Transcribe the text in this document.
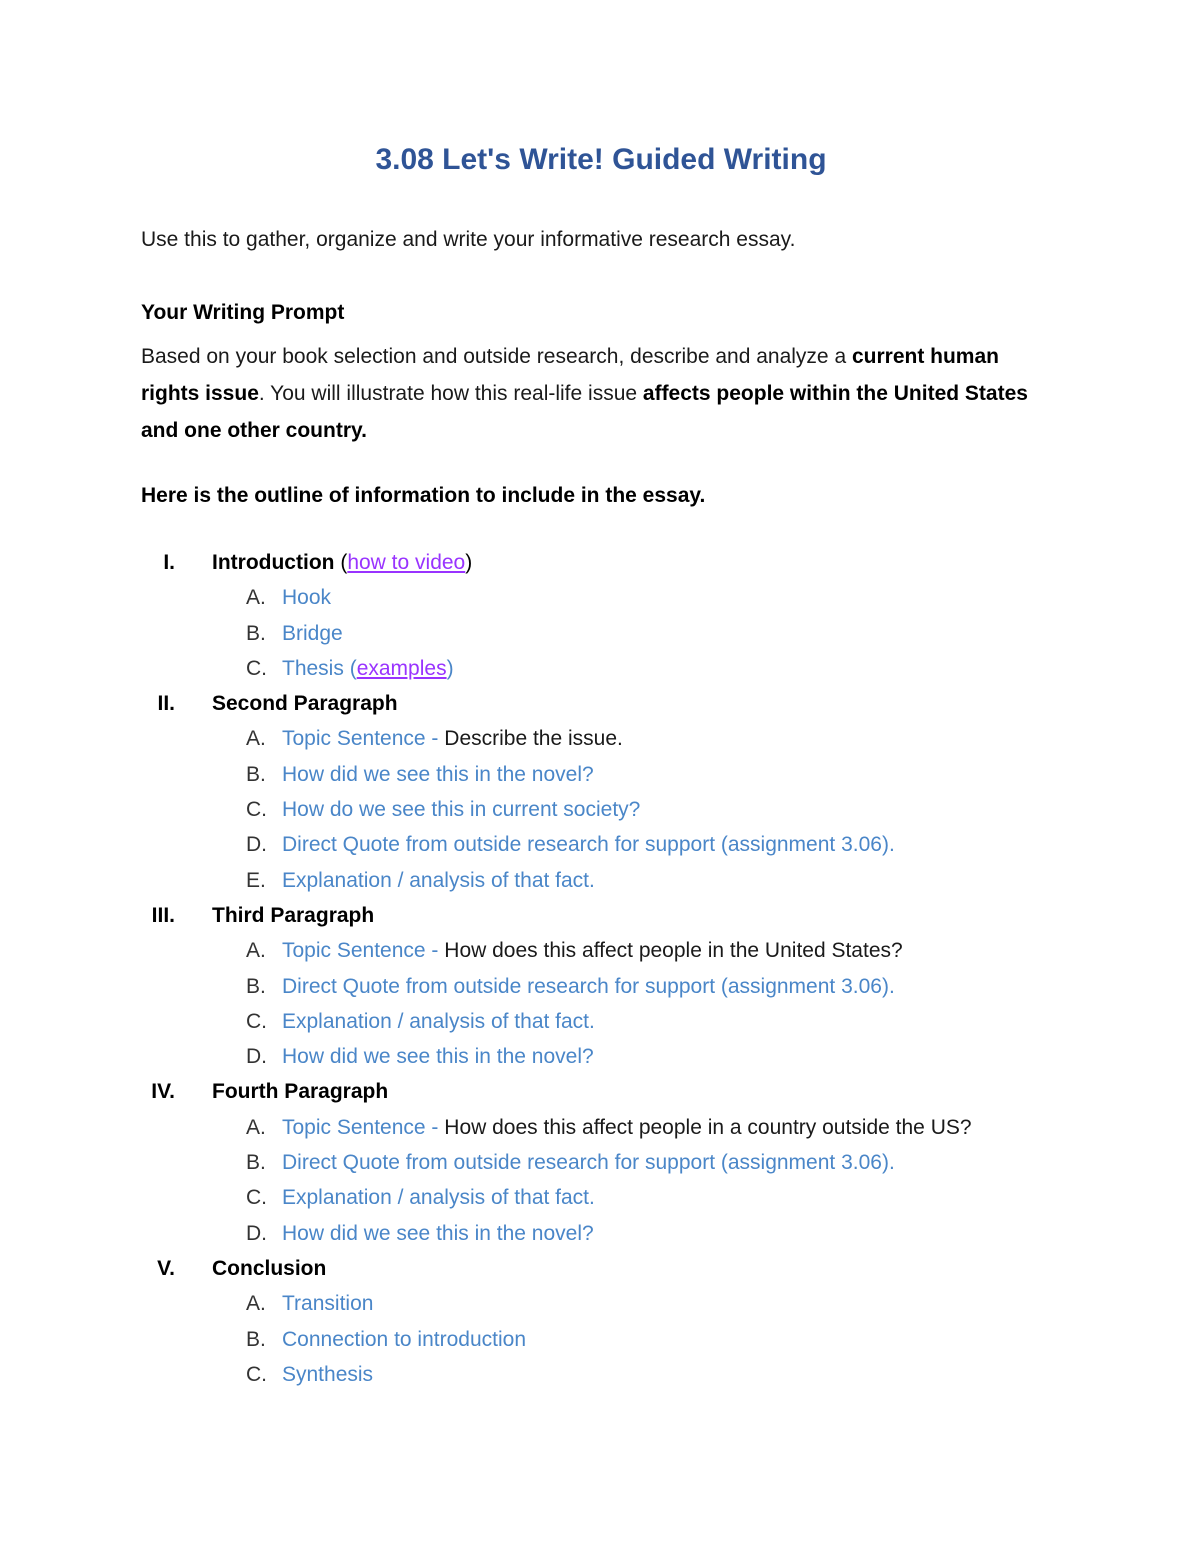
3.08 Let's Write! Guided Writing

Use this to gather, organize and write your informative research essay.

Your Writing Prompt

Based on your book selection and outside research, describe and analyze a current human rights issue. You will illustrate how this real-life issue affects people within the United States and one other country.

Here is the outline of information to include in the essay.

I. Introduction (how to video)
A. Hook
B. Bridge
C. Thesis (examples)
II. Second Paragraph
A. Topic Sentence - Describe the issue.
B. How did we see this in the novel?
C. How do we see this in current society?
D. Direct Quote from outside research for support (assignment 3.06).
E. Explanation / analysis of that fact.
III. Third Paragraph
A. Topic Sentence - How does this affect people in the United States?
B. Direct Quote from outside research for support (assignment 3.06).
C. Explanation / analysis of that fact.
D. How did we see this in the novel?
IV. Fourth Paragraph
A. Topic Sentence - How does this affect people in a country outside the US?
B. Direct Quote from outside research for support (assignment 3.06).
C. Explanation / analysis of that fact.
D. How did we see this in the novel?
V. Conclusion
A. Transition
B. Connection to introduction
C. Synthesis
